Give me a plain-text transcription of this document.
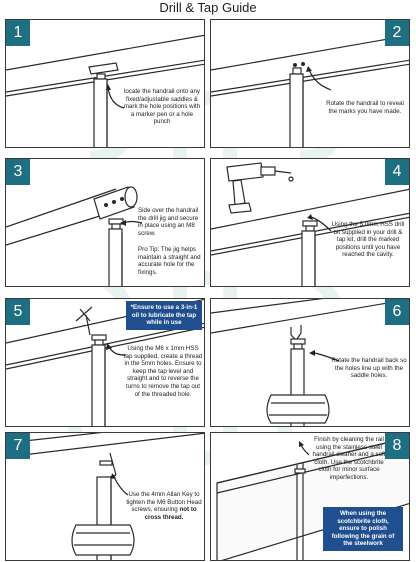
Drill & Tap Guide
1
locate the handrail onto any fixed/adjustable saddles & mark the hole positions with a marker pen or a hole punch
2
Rotate the handrail to reveal the marks you have made.
3
Side over the handrail the drill jig and secure in place using an M8 screw.
Pro Tip: The jig helps maintain a straight and accurate hole for the fixings.
4
Using the 5.0mm HSS drill bit supplied in your drill & tap kit, drill the marked positions until you have reached the cavity.
5	*Ensure to use a 3-in-1 oil to lubricate the tap while in use
Using the M6 x 1mm HSS tap supplied, create a thread in the 5mm holes. Ensure to keep the tap level and straight and to reverse the turns to remove the tap out of the threaded hole.
6
Rotate the handrail back so the holes line up with the saddle holes.
7
Use the 4mm Allan Key to tighten the M6 Button Head screws, ensuring not to cross thread.
8
Finish by cleaning the rail using the stainless steel handrail cleaner and a soft cloth. Use the scotchbrite cloth for minor surface imperfections.
When using the scotchbrite cloth, ensure to polish following the grain of the steelwork
